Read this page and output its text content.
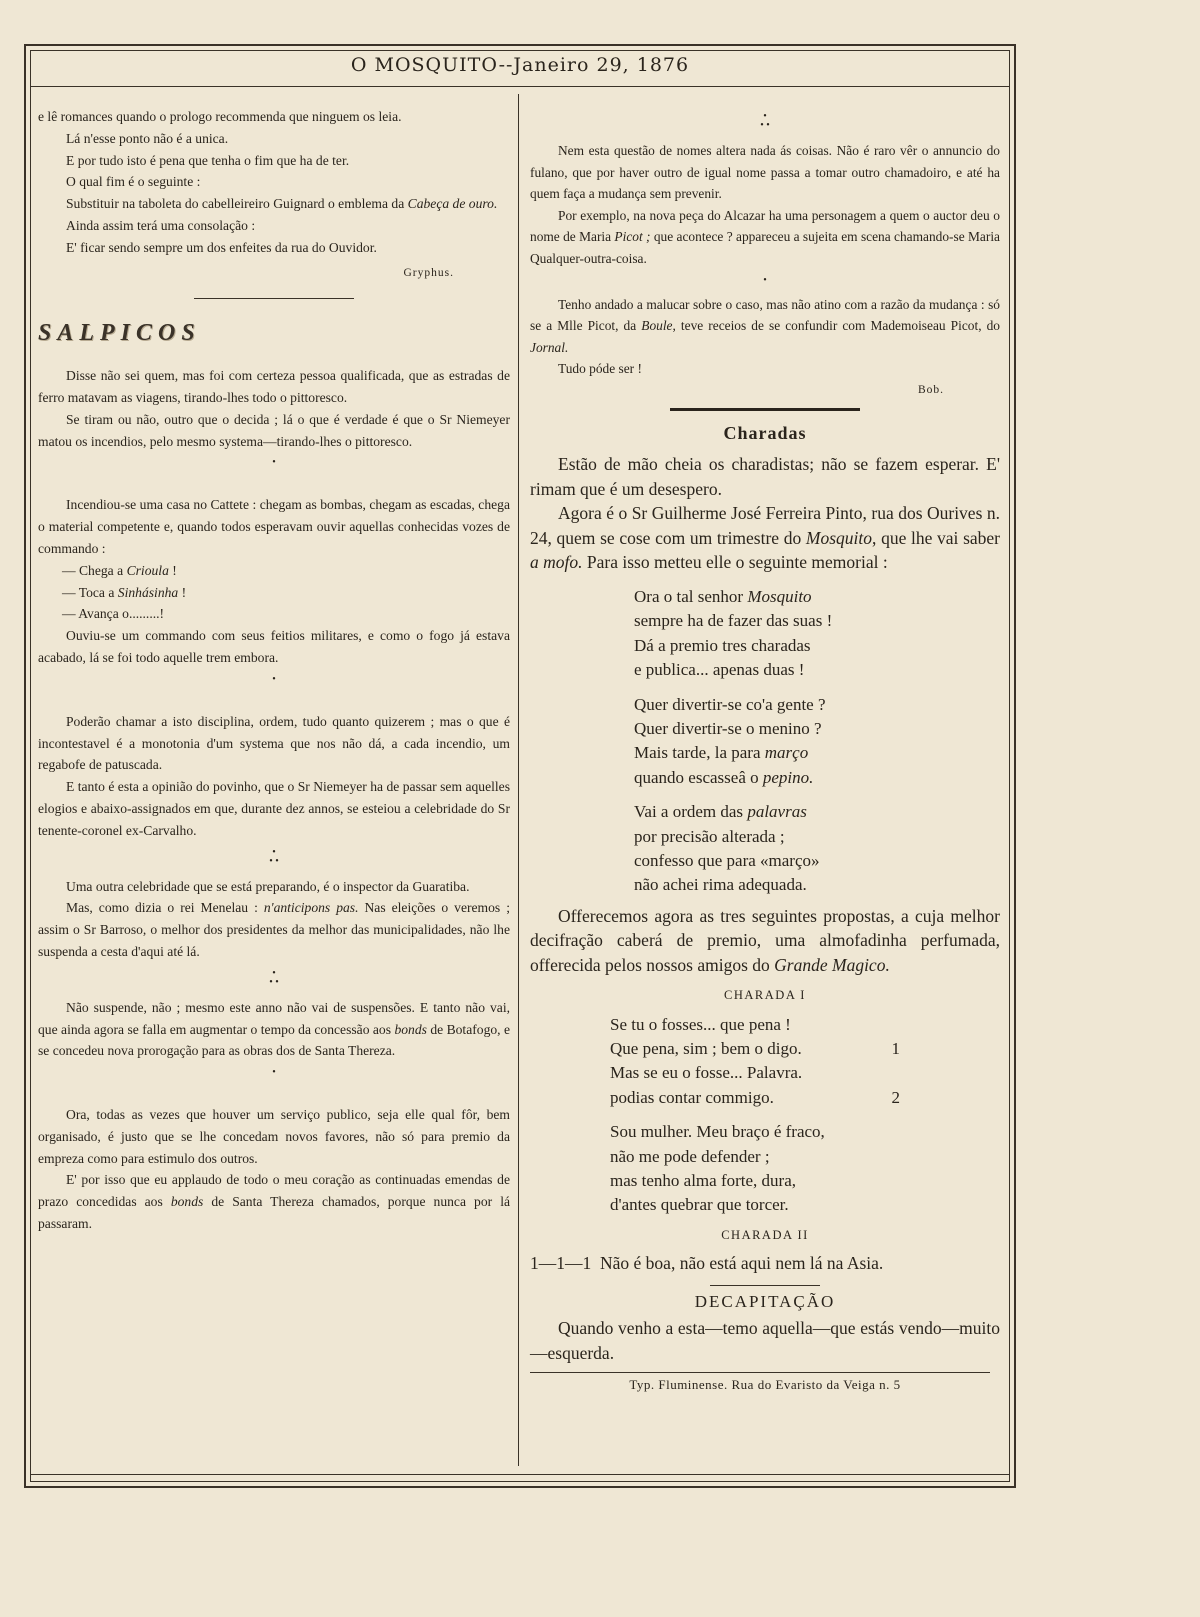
O MOSQUITO--Janeiro 29, 1876

e lê romances quando o prologo recommenda que ninguem os leia.

Lá n'esse ponto não é a unica.

E por tudo isto é pena que tenha o fim que ha de ter.

O qual fim é o seguinte :

Substituir na taboleta do cabelleireiro Guignard o emblema da Cabeça de ouro.

Ainda assim terá uma consolação :

E' ficar sendo sempre um dos enfeites da rua do Ouvidor.

Gryphus.

SALPICOS

Disse não sei quem, mas foi com certeza pessoa qualificada, que as estradas de ferro matavam as viagens, tirando-lhes todo o pittoresco.

Se tiram ou não, outro que o decida ; lá o que é verdade é que o Sr Niemeyer matou os incendios, pelo mesmo systema—tirando-lhes o pittoresco.

•

Incendiou-se uma casa no Cattete : chegam as bombas, chegam as escadas, chega o material competente e, quando todos esperavam ouvir aquellas conhecidas vozes de commando :

— Chega a Crioula !

— Toca a Sinhásinha !

— Avança o.........!

Ouviu-se um commando com seus feitios militares, e como o fogo já estava acabado, lá se foi todo aquelle trem embora.

•

Poderão chamar a isto disciplina, ordem, tudo quanto quizerem ; mas o que é incontestavel é a monotonia d'um systema que nos não dá, a cada incendio, um regabofe de patuscada.

E tanto é esta a opinião do povinho, que o Sr Niemeyer ha de passar sem aquelles elogios e abaixo-assignados em que, durante dez annos, se esteiou a celebridade do Sr tenente-coronel ex-Carvalho.

•
• •

Uma outra celebridade que se está preparando, é o inspector da Guaratiba.

Mas, como dizia o rei Menelau : n'anticipons pas. Nas eleições o veremos ; assim o Sr Barroso, o melhor dos presidentes da melhor das municipalidades, não lhe suspenda a cesta d'aqui até lá.

•
• •

Não suspende, não ; mesmo este anno não vai de suspensões. E tanto não vai, que ainda agora se falla em augmentar o tempo da concessão aos bonds de Botafogo, e se concedeu nova prorogação para as obras dos de Santa Thereza.

•

Ora, todas as vezes que houver um serviço publico, seja elle qual fôr, bem organisado, é justo que se lhe concedam novos favores, não só para premio da empreza como para estimulo dos outros.

E' por isso que eu applaudo de todo o meu coração as continuadas emendas de prazo concedidas aos bonds de Santa Thereza chamados, porque nunca por lá passaram.

•
• •

Nem esta questão de nomes altera nada ás coisas. Não é raro vêr o annuncio do fulano, que por haver outro de igual nome passa a tomar outro chamadoiro, e até ha quem faça a mudança sem prevenir.

Por exemplo, na nova peça do Alcazar ha uma personagem a quem o auctor deu o nome de Maria Picot ; que acontece ? appareceu a sujeita em scena chamando-se Maria Qualquer-outra-coisa.

•

Tenho andado a malucar sobre o caso, mas não atino com a razão da mudança : só se a Mlle Picot, da Boule, teve receios de se confundir com Mademoiseau Picot, do Jornal.

Tudo póde ser !

Bob.

Charadas

Estão de mão cheia os charadistas; não se fazem esperar. E' rimam que é um desespero.

Agora é o Sr Guilherme José Ferreira Pinto, rua dos Ourives n. 24, quem se cose com um trimestre do Mosquito, que lhe vai saber a mofo. Para isso metteu elle o seguinte memorial :

Ora o tal senhor Mosquito
sempre ha de fazer das suas !
Dá a premio tres charadas
e publica... apenas duas !
Quer divertir-se co'a gente ?
Quer divertir-se o menino ?
Mais tarde, la para março
quando escasseâ o pepino.
Vai a ordem das palavras
por precisão alterada ;
confesso que para «março»
não achei rima adequada.

Offerecemos agora as tres seguintes propostas, a cuja melhor decifração caberá de premio, uma almofadinha perfumada, offerecida pelos nossos amigos do Grande Magico.

CHARADA I

Se tu o fosses... que pena !
Que pena, sim ; bem o digo.	1
Mas se eu o fosse... Palavra.
podias contar commigo.	2
Sou mulher. Meu braço é fraco,
não me pode defender ;
mas tenho alma forte, dura,
d'antes quebrar que torcer.

CHARADA II

1—1—1 Não é boa, não está aqui nem lá na Asia.

DECAPITAÇÃO

Quando venho a esta—temo aquella—que estás vendo—muito—esquerda.

Typ. Fluminense. Rua do Evaristo da Veiga n. 5
